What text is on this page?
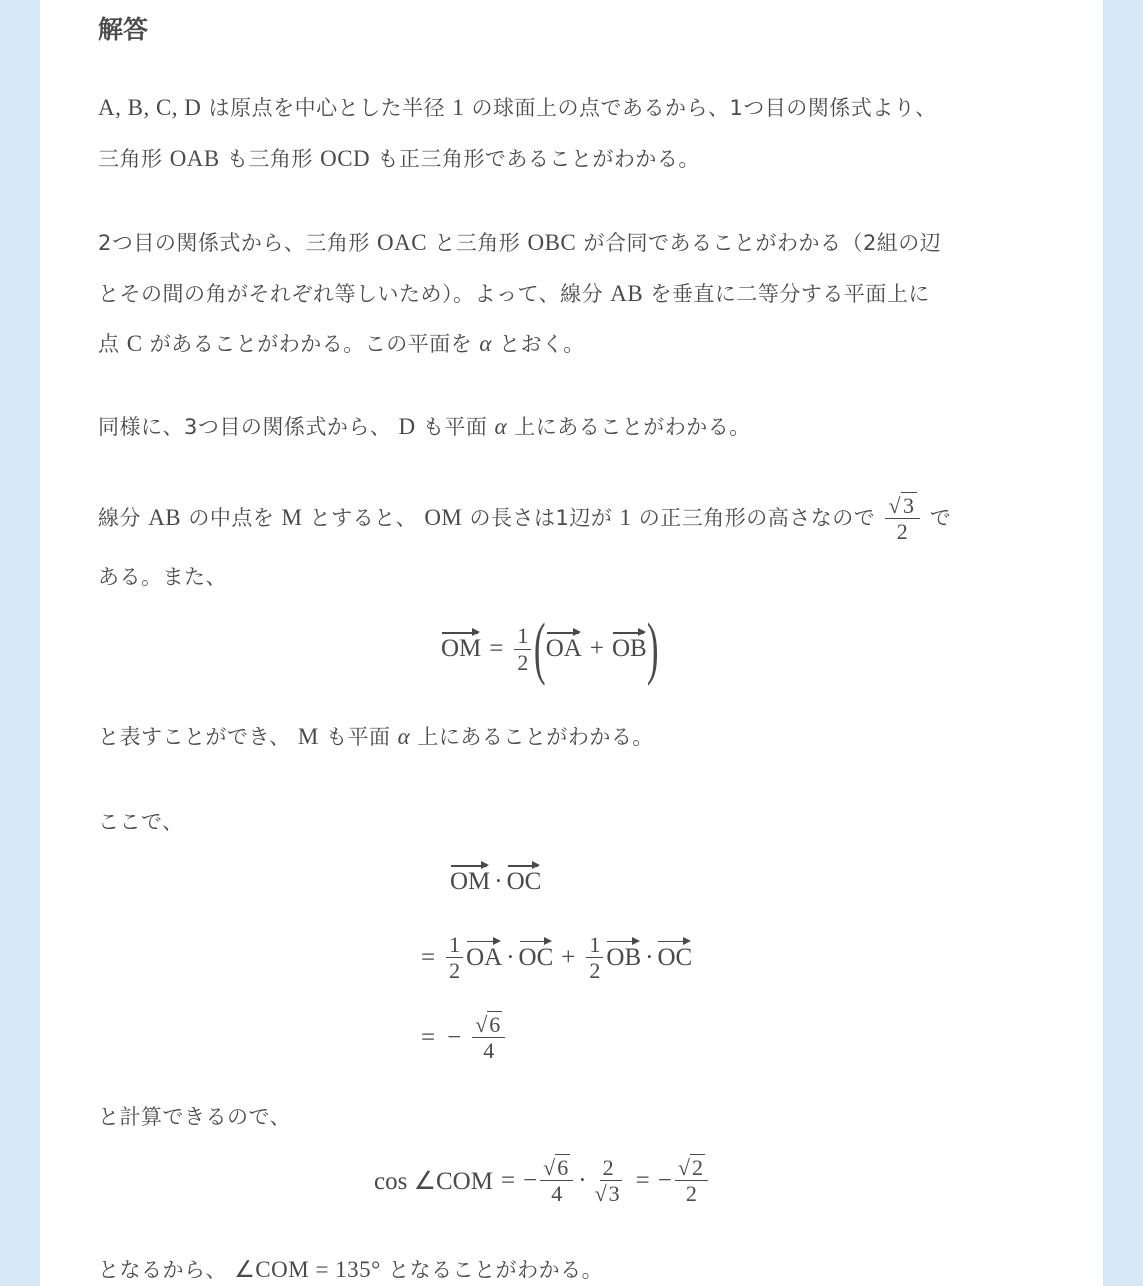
解答
A, B, C, D は原点を中心とした半径 1 の球面上の点であるから、1つ目の関係式より、
三角形 OAB も三角形 OCD も正三角形であることがわかる。
2つ目の関係式から、三角形 OAC と三角形 OBC が合同であることがわかる（2組の辺
とその間の角がそれぞれ等しいため）。よって、線分 AB を垂直に二等分する平面上に
点 C があることがわかる。この平面を α とおく。
同様に、3つ目の関係式から、 D も平面 α 上にあることがわかる。
線分 AB の中点を M とすると、 OM の長さは1辺が 1 の正三角形の高さなので $\frac{√3}{2}$ で
ある。また、
OM = $\frac{1}{2}$ ( OA + OB )
と表すことができ、 M も平面 α 上にあることがわかる。
ここで、
OM · OC
= $\frac{1}{2}$ OA · OC + $\frac{1}{2}$ OB · OC
= − $\frac{√6}{4}$
と計算できるので、
cos ∠COM = − $\frac{√6}{4} \cdot \frac{2}{√3}$ = − $\frac{√2}{2}$
となるから、 ∠COM = 135° となることがわかる。
